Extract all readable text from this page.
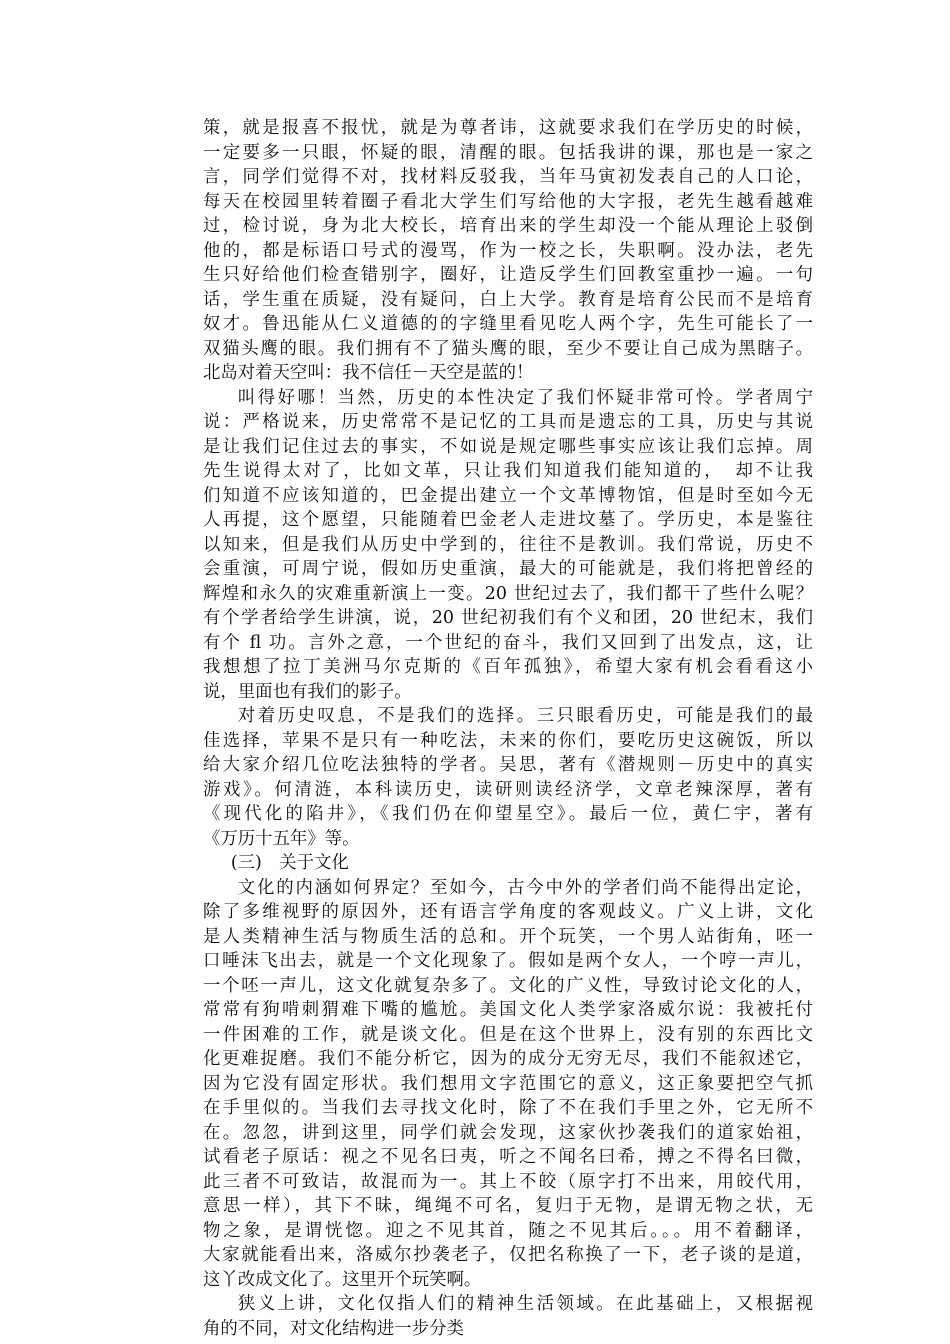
策，就是报喜不报忧，就是为尊者讳，这就要求我们在学历史的时候，
一定要多一只眼，怀疑的眼，清醒的眼。包括我讲的课，那也是一家之
言，同学们觉得不对，找材料反驳我，当年马寅初发表自己的人口论，
每天在校园里转着圈子看北大学生们写给他的大字报，老先生越看越难
过，检讨说，身为北大校长，培育出来的学生却没一个能从理论上驳倒
他的，都是标语口号式的漫骂，作为一校之长，失职啊。没办法，老先
生只好给他们检查错别字，圈好，让造反学生们回教室重抄一遍。一句
话，学生重在质疑，没有疑问，白上大学。教育是培育公民而不是培育
奴才。鲁迅能从仁义道德的的字缝里看见吃人两个字，先生可能长了一
双猫头鹰的眼。我们拥有不了猫头鹰的眼，至少不要让自己成为黑瞎子。
北岛对着天空叫：我不信任－天空是蓝的！

叫得好哪！当然，历史的本性决定了我们怀疑非常可怜。学者周宁
说：严格说来，历史常常不是记忆的工具而是遗忘的工具，历史与其说
是让我们记住过去的事实，不如说是规定哪些事实应该让我们忘掉。周
先生说得太对了，比如文革，只让我们知道我们能知道的，　却不让我
们知道不应该知道的，巴金提出建立一个文革博物馆，但是时至如今无
人再提，这个愿望，只能随着巴金老人走进坟墓了。学历史，本是鉴往
以知来，但是我们从历史中学到的，往往不是教训。我们常说，历史不
会重演，可周宁说，假如历史重演，最大的可能就是，我们将把曾经的
辉煌和永久的灾难重新演上一变。20 世纪过去了，我们都干了些什么呢？
有个学者给学生讲演，说，20 世纪初我们有个义和团，20 世纪末，我们
有个 fl 功。言外之意，一个世纪的奋斗，我们又回到了出发点，这，让
我想想了拉丁美洲马尔克斯的《百年孤独》，希望大家有机会看看这小
说，里面也有我们的影子。

对着历史叹息，不是我们的选择。三只眼看历史，可能是我们的最
佳选择，苹果不是只有一种吃法，未来的你们，要吃历史这碗饭，所以
给大家介绍几位吃法独特的学者。吴思，著有《潜规则－历史中的真实
游戏》。何清涟，本科读历史，读研则读经济学，文章老辣深厚，著有
《现代化的陷井》，《我们仍在仰望星空》。最后一位，黄仁宇，著有
《万历十五年》等。

(三)　关于文化

文化的内涵如何界定？至如今，古今中外的学者们尚不能得出定论，
除了多维视野的原因外，还有语言学角度的客观歧义。广义上讲，文化
是人类精神生活与物质生活的总和。开个玩笑，一个男人站街角，呸一
口唾沫飞出去，就是一个文化现象了。假如是两个女人，一个哼一声儿，
一个呸一声儿，这文化就复杂多了。文化的广义性，导致讨论文化的人，
常常有狗啃刺猬难下嘴的尴尬。美国文化人类学家洛威尔说：我被托付
一件困难的工作，就是谈文化。但是在这个世界上，没有别的东西比文
化更难捉磨。我们不能分析它，因为的成分无穷无尽，我们不能叙述它，
因为它没有固定形状。我们想用文字范围它的意义，这正象要把空气抓
在手里似的。当我们去寻找文化时，除了不在我们手里之外，它无所不
在。忽忽，讲到这里，同学们就会发现，这家伙抄袭我们的道家始祖，
试看老子原话：视之不见名曰夷，听之不闻名曰希，搏之不得名曰微，
此三者不可致诘，故混而为一。其上不皎（原字打不出来，用皎代用，
意思一样），其下不昧，绳绳不可名，复归于无物，是谓无物之状，无
物之象，是谓恍惚。迎之不见其首，随之不见其后。。。用不着翻译，
大家就能看出来，洛威尔抄袭老子，仅把名称换了一下，老子谈的是道，
这丫改成文化了。这里开个玩笑啊。

狭义上讲，文化仅指人们的精神生活领域。在此基础上，又根据视
角的不同，对文化结构进一步分类
